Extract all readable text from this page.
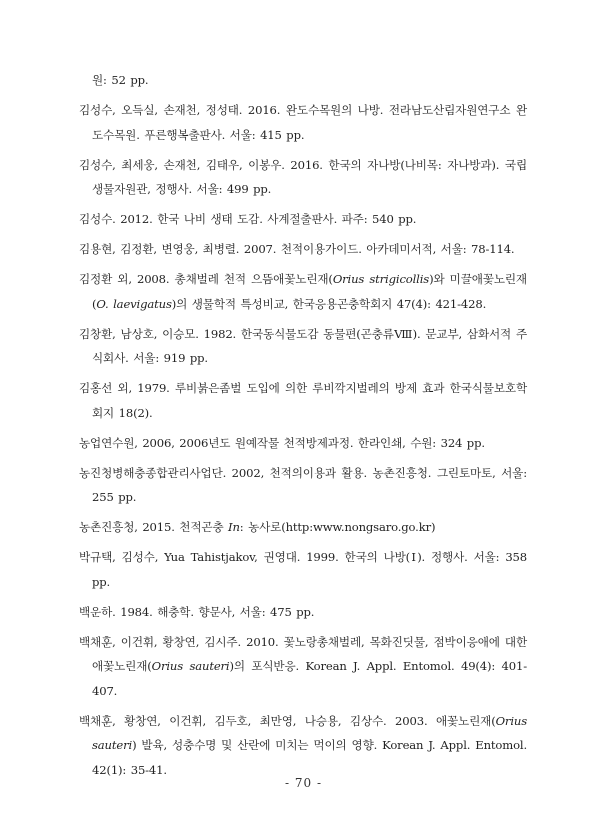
원: 52 pp.
김성수, 오득실, 손재천, 정성태. 2016. 완도수목원의 나방. 전라남도산림자원연구소 완도수목원. 푸른행복출판사. 서울: 415 pp.
김성수, 최세웅, 손재천, 김태우, 이봉우. 2016. 한국의 자나방(나비목: 자나방과). 국립생물자원관, 정행사. 서울: 499 pp.
김성수. 2012. 한국 나비 생태 도감. 사계절출판사. 파주: 540 pp.
김용현, 김정환, 변영웅, 최병렬. 2007. 천적이용가이드. 아카데미서적, 서울: 78-114.
김정환 외, 2008. 총채벌레 천적 으뜸애꽃노린재(Orius strigicollis)와 미끌애꽃노린재(O. laevigatus)의 생물학적 특성비교, 한국응용곤충학회지 47(4): 421-428.
김창환, 남상호, 이승모. 1982. 한국동식물도감 동물편(곤충류Ⅷ). 문교부, 삼화서적 주식회사. 서울: 919 pp.
김홍선 외, 1979. 루비붉은좀벌 도입에 의한 루비깍지벌레의 방제 효과 한국식물보호학회지 18(2).
농업연수원, 2006, 2006년도 원예작물 천적방제과정. 한라인쇄, 수원: 324 pp.
농진청병해충종합관리사업단. 2002, 천적의이용과 활용. 농촌진흥청. 그린토마토, 서울: 255 pp.
농촌진흥청, 2015. 천적곤충 In: 농사로(http:www.nongsaro.go.kr)
박규택, 김성수, Yua Tahistjakov, 권영대. 1999. 한국의 나방(Ⅰ). 정행사. 서울: 358 pp.
백운하. 1984. 해충학. 향문사, 서울: 475 pp.
백채훈, 이건휘, 황창연, 김시주. 2010. 꽃노랑총채벌레, 목화진딧물, 점박이응애에 대한 애꽃노린재(Orius sauteri)의 포식반응. Korean J. Appl. Entomol. 49(4): 401-407.
백채훈, 황창연, 이건휘, 김두호, 최만영, 나승용, 김상수. 2003. 애꽃노린재(Orius sauteri) 발육, 성충수명 및 산란에 미치는 먹이의 영향. Korean J. Appl. Entomol. 42(1): 35-41.
- 70 -
